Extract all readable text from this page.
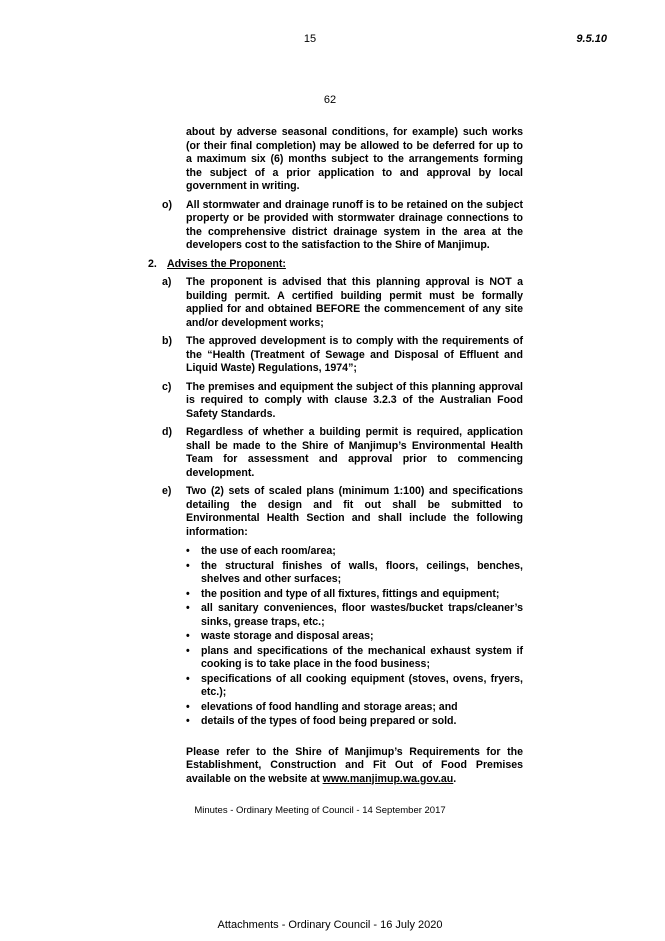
15	9.5.10
62
about by adverse seasonal conditions, for example) such works (or their final completion) may be allowed to be deferred for up to a maximum six (6) months subject to the arrangements forming the subject of a prior application to and approval by local government in writing.
o) All stormwater and drainage runoff is to be retained on the subject property or be provided with stormwater drainage connections to the comprehensive district drainage system in the area at the developers cost to the satisfaction to the Shire of Manjimup.
2. Advises the Proponent:
a) The proponent is advised that this planning approval is NOT a building permit. A certified building permit must be formally applied for and obtained BEFORE the commencement of any site and/or development works;
b) The approved development is to comply with the requirements of the “Health (Treatment of Sewage and Disposal of Effluent and Liquid Waste) Regulations, 1974”;
c) The premises and equipment the subject of this planning approval is required to comply with clause 3.2.3 of the Australian Food Safety Standards.
d) Regardless of whether a building permit is required, application shall be made to the Shire of Manjimup’s Environmental Health Team for assessment and approval prior to commencing development.
e) Two (2) sets of scaled plans (minimum 1:100) and specifications detailing the design and fit out shall be submitted to Environmental Health Section and shall include the following information:
• the use of each room/area;
• the structural finishes of walls, floors, ceilings, benches, shelves and other surfaces;
• the position and type of all fixtures, fittings and equipment;
• all sanitary conveniences, floor wastes/bucket traps/cleaner’s sinks, grease traps, etc.;
• waste storage and disposal areas;
• plans and specifications of the mechanical exhaust system if cooking is to take place in the food business;
• specifications of all cooking equipment (stoves, ovens, fryers, etc.);
• elevations of food handling and storage areas; and
• details of the types of food being prepared or sold.
Please refer to the Shire of Manjimup’s Requirements for the Establishment, Construction and Fit Out of Food Premises available on the website at www.manjimup.wa.gov.au.
Minutes - Ordinary Meeting of Council - 14 September 2017
Attachments - Ordinary Council - 16 July 2020
